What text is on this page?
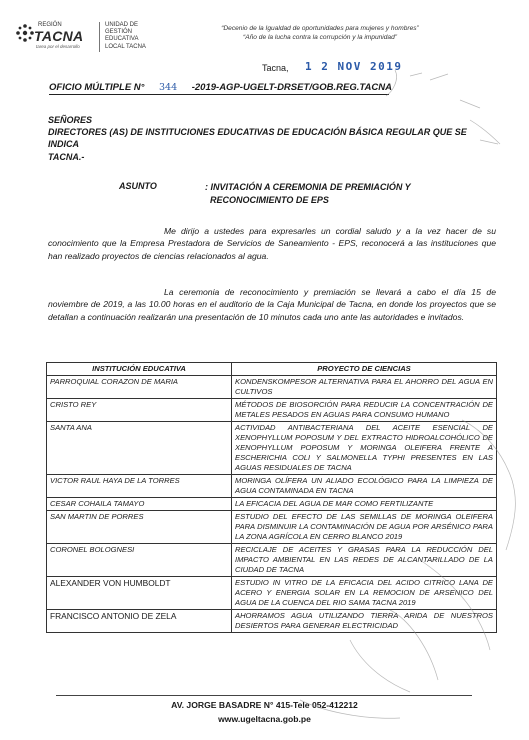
REGIÓN
TACNA
tarea por el desarrollo
UNIDAD DE
GESTIÓN
EDUCATIVA
LOCAL TACNA
“Decenio de la Igualdad de oportunidades para mujeres y hombres”
“Año de la lucha contra la corrupción y la impunidad”
Tacna, 1 2 NOV 2019
OFICIO MÚLTIPLE N° 344 -2019-AGP-UGELT-DRSET/GOB.REG.TACNA
SEÑORES
DIRECTORES (AS) DE INSTITUCIONES EDUCATIVAS DE EDUCACIÓN BÁSICA REGULAR QUE SE
INDICA
TACNA.-
ASUNTO	: INVITACIÓN A CEREMONIA DE PREMIACIÓN Y
RECONOCIMIENTO DE EPS
Me dirijo a ustedes para expresarles un cordial saludo y a la vez hacer de su conocimiento que la Empresa Prestadora de Servicios de Saneamiento - EPS, reconocerá a las instituciones que han realizado proyectos de ciencias relacionados al agua.
La ceremonia de reconocimiento y premiación se llevará a cabo el día 15 de noviembre de 2019, a las 10.00 horas en el auditorio de la Caja Municipal de Tacna, en donde los proyectos que se detallan a continuación realizarán una presentación de 10 minutos cada uno ante las autoridades e invitados.
INSTITUCIÓN EDUCATIVA	PROYECTO DE CIENCIAS
PARROQUIAL CORAZON DE MARIA	KONDENSKOMPESOR ALTERNATIVA PARA EL AHORRO DEL AGUA EN CULTIVOS
CRISTO REY	MÉTODOS DE BIOSORCIÓN PARA REDUCIR LA CONCENTRACIÓN DE METALES PESADOS EN AGUAS PARA CONSUMO HUMANO
SANTA ANA	ACTIVIDAD ANTIBACTERIANA DEL ACEITE ESENCIAL DE XENOPHYLLUM POPOSUM Y DEL EXTRACTO HIDROALCOHÓLICO DE XENOPHYLLUM POPOSUM Y MORINGA OLEIFERA FRENTE A ESCHERICHIA COLI Y SALMONELLA TYPHI PRESENTES EN LAS AGUAS RESIDUALES DE TACNA
VICTOR RAUL HAYA DE LA TORRES	MORINGA OLÍFERA UN ALIADO ECOLÓGICO PARA LA LIMPIEZA DE AGUA CONTAMINADA EN TACNA
CESAR COHAILA TAMAYO	LA EFICACIA DEL AGUA DE MAR COMO FERTILIZANTE
SAN MARTIN DE PORRES	ESTUDIO DEL EFECTO DE LAS SEMILLAS DE MORINGA OLEIFERA PARA DISMINUIR LA CONTAMINACIÓN DE AGUA POR ARSÉNICO PARA LA ZONA AGRÍCOLA EN CERRO BLANCO 2019
CORONEL BOLOGNESI	RECICLAJE DE ACEITES Y GRASAS PARA LA REDUCCIÓN DEL IMPACTO AMBIENTAL EN LAS REDES DE ALCANTARILLADO DE LA CIUDAD DE TACNA
ALEXANDER VON HUMBOLDT	ESTUDIO IN VITRO DE LA EFICACIA DEL ACIDO CITRICO LANA DE ACERO Y ENERGIA SOLAR EN LA REMOCION DE ARSENICO DEL AGUA DE LA CUENCA DEL RIO SAMA TACNA 2019
FRANCISCO ANTONIO DE ZELA	AHORRAMOS AGUA UTILIZANDO TIERRA ARIDA DE NUESTROS DESIERTOS PARA GENERAR ELECTRICIDAD
AV. JORGE BASADRE N° 415-Tele 052-412212
www.ugeltacna.gob.pe
